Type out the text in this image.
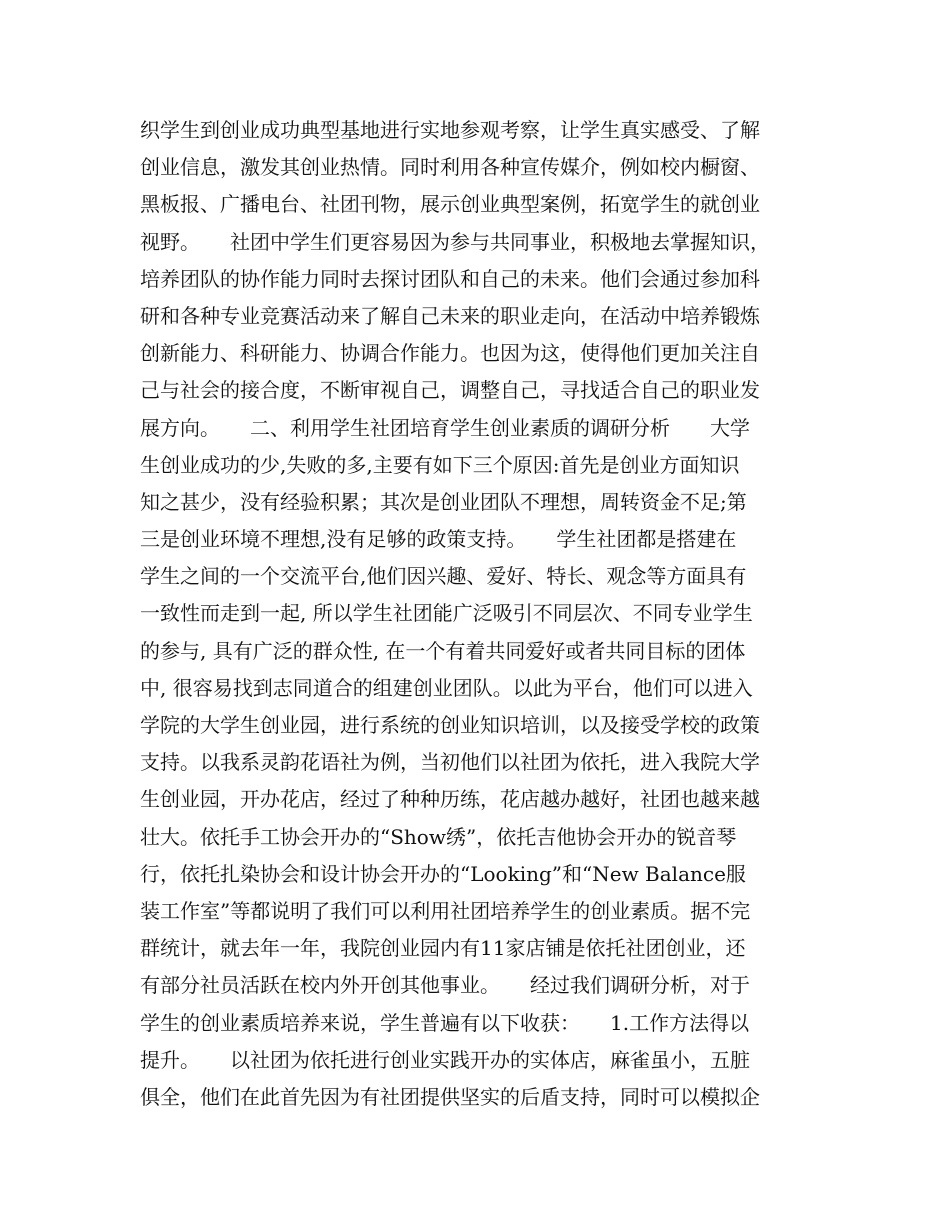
织学生到创业成功典型基地进行实地参观考察，让学生真实感受、了解
创业信息，激发其创业热情。同时利用各种宣传媒介，例如校内橱窗、
黑板报、广播电台、社团刊物，展示创业典型案例，拓宽学生的就创业
视野。　　社团中学生们更容易因为参与共同事业，积极地去掌握知识，
培养团队的协作能力同时去探讨团队和自己的未来。他们会通过参加科
研和各种专业竞赛活动来了解自己未来的职业走向，在活动中培养锻炼
创新能力、科研能力、协调合作能力。也因为这，使得他们更加关注自
己与社会的接合度，不断审视自己，调整自己，寻找适合自己的职业发
展方向。　　二、利用学生社团培育学生创业素质的调研分析　　大学
生创业成功的少,失败的多,主要有如下三个原因:首先是创业方面知识
知之甚少，没有经验积累；其次是创业团队不理想，周转资金不足;第
三是创业环境不理想,没有足够的政策支持。　　学生社团都是搭建在
学生之间的一个交流平台,他们因兴趣、爱好、特长、观念等方面具有
一致性而走到一起, 所以学生社团能广泛吸引不同层次、不同专业学生
的参与, 具有广泛的群众性, 在一个有着共同爱好或者共同目标的团体
中, 很容易找到志同道合的组建创业团队。以此为平台，他们可以进入
学院的大学生创业园，进行系统的创业知识培训，以及接受学校的政策
支持。以我系灵韵花语社为例，当初他们以社团为依托，进入我院大学
生创业园，开办花店，经过了种种历练，花店越办越好，社团也越来越
壮大。依托手工协会开办的“Show绣”，依托吉他协会开办的锐音琴
行，依托扎染协会和设计协会开办的“Looking”和“New Balance服
装工作室”等都说明了我们可以利用社团培养学生的创业素质。据不完
群统计，就去年一年，我院创业园内有11家店铺是依托社团创业，还
有部分社员活跃在校内外开创其他事业。　　经过我们调研分析，对于
学生的创业素质培养来说，学生普遍有以下收获：　　1.工作方法得以
提升。　　以社团为依托进行创业实践开办的实体店，麻雀虽小，五脏
俱全，他们在此首先因为有社团提供坚实的后盾支持，同时可以模拟企
